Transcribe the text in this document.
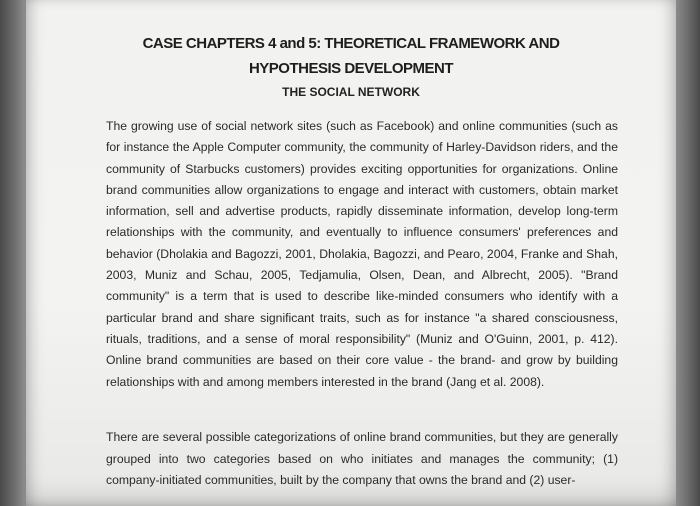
CASE CHAPTERS 4 and 5: THEORETICAL FRAMEWORK AND
HYPOTHESIS DEVELOPMENT
THE SOCIAL NETWORK

The growing use of social network sites (such as Facebook) and online communities (such as for instance the Apple Computer community, the community of Harley-Davidson riders, and the community of Starbucks customers) provides exciting opportunities for organizations. Online brand communities allow organizations to engage and interact with customers, obtain market information, sell and advertise products, rapidly disseminate information, develop long-term relationships with the community, and eventually to influence consumers' preferences and behavior (Dholakia and Bagozzi, 2001, Dholakia, Bagozzi, and Pearo, 2004, Franke and Shah, 2003, Muniz and Schau, 2005, Tedjamulia, Olsen, Dean, and Albrecht, 2005). "Brand community" is a term that is used to describe like-minded consumers who identify with a particular brand and share significant traits, such as for instance "a shared consciousness, rituals, traditions, and a sense of moral responsibility" (Muniz and O'Guinn, 2001, p. 412). Online brand communities are based on their core value - the brand- and grow by building relationships with and among members interested in the brand (Jang et al. 2008).

There are several possible categorizations of online brand communities, but they are generally grouped into two categories based on who initiates and manages the community; (1) company-initiated communities, built by the company that owns the brand and (2) user-
